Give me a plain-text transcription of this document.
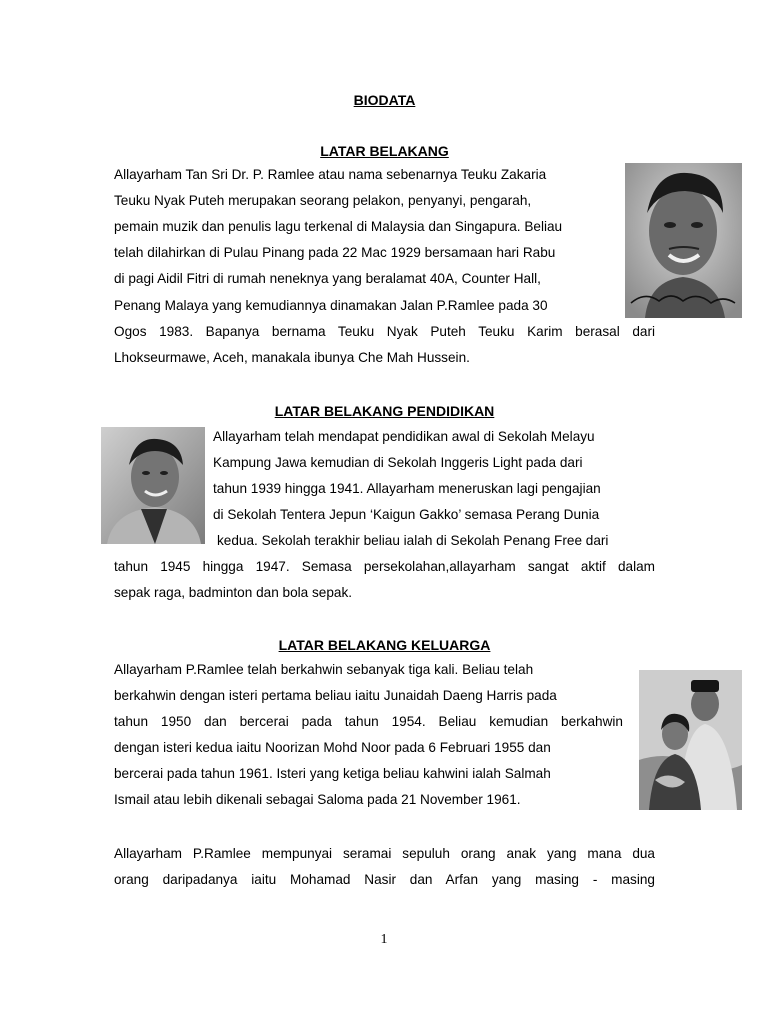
BIODATA
LATAR BELAKANG
Allayarham Tan Sri Dr. P. Ramlee atau nama sebenarnya Teuku Zakaria
Teuku Nyak Puteh merupakan seorang pelakon, penyanyi, pengarah,
pemain muzik dan penulis lagu terkenal di Malaysia dan Singapura. Beliau
telah dilahirkan di Pulau Pinang pada 22 Mac 1929 bersamaan hari Rabu
di pagi Aidil Fitri di rumah neneknya yang beralamat 40A, Counter Hall,
Penang Malaya yang kemudiannya dinamakan Jalan P.Ramlee pada 30
Ogos 1983. Bapanya bernama Teuku Nyak Puteh Teuku Karim berasal dari
Lhokseurmawe, Aceh, manakala ibunya Che Mah Hussein.
LATAR BELAKANG PENDIDIKAN
Allayarham telah mendapat pendidikan awal di Sekolah Melayu
Kampung Jawa kemudian di Sekolah Inggeris Light pada dari
tahun 1939 hingga 1941. Allayarham meneruskan lagi pengajian
di Sekolah Tentera Jepun ‘Kaigun Gakko’ semasa Perang Dunia
kedua. Sekolah terakhir beliau ialah di Sekolah Penang Free dari
tahun 1945 hingga 1947. Semasa persekolahan,allayarham sangat aktif dalam
sepak raga, badminton dan bola sepak.
LATAR BELAKANG KELUARGA
Allayarham P.Ramlee telah berkahwin sebanyak tiga kali. Beliau telah
berkahwin dengan isteri pertama beliau iaitu Junaidah Daeng Harris pada
tahun 1950 dan bercerai pada tahun 1954. Beliau kemudian berkahwin
dengan isteri kedua iaitu Noorizan Mohd Noor pada 6 Februari 1955 dan
bercerai pada tahun 1961. Isteri yang ketiga beliau kahwini ialah Salmah
Ismail atau lebih dikenali sebagai Saloma pada 21 November 1961.
Allayarham P.Ramlee mempunyai seramai sepuluh orang anak yang mana dua
orang daripadanya iaitu Mohamad Nasir dan Arfan yang masing - masing
1
